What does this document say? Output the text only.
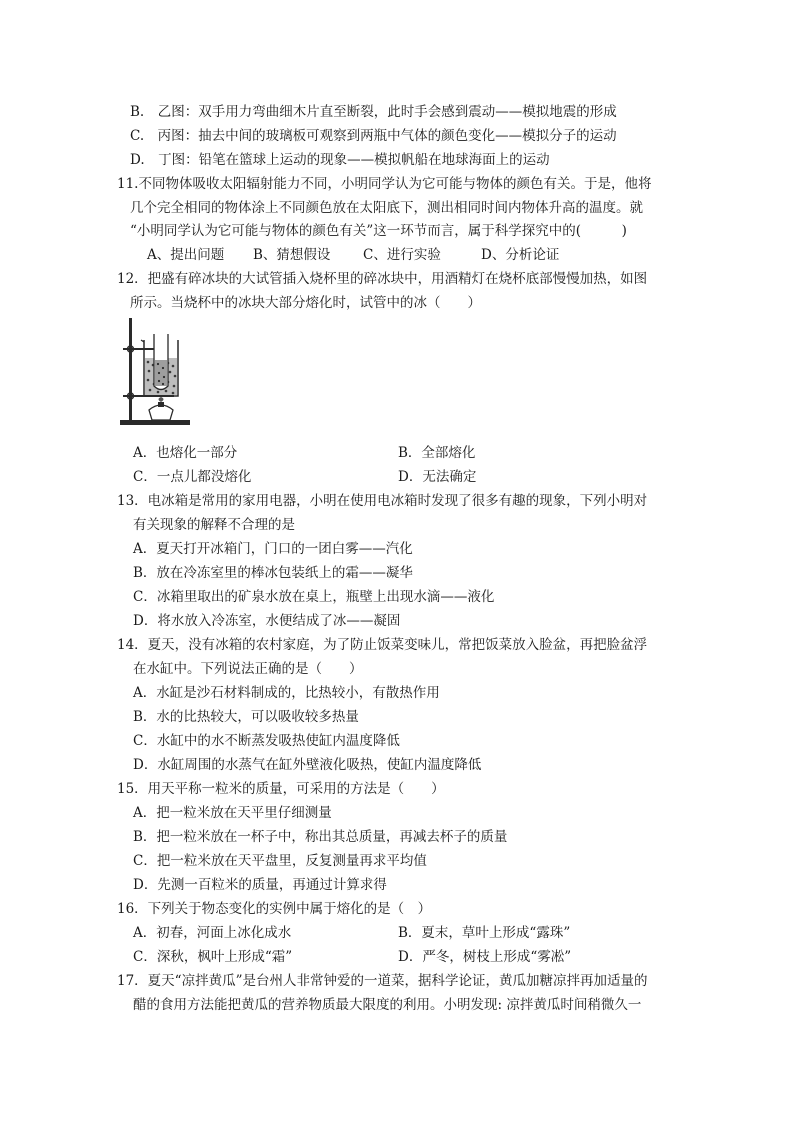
B.　乙图：双手用力弯曲细木片直至断裂，此时手会感到震动——模拟地震的形成
C.　丙图：抽去中间的玻璃板可观察到两瓶中气体的颜色变化——模拟分子的运动
D.　丁图：铅笔在篮球上运动的现象——模拟帆船在地球海面上的运动
11.不同物体吸收太阳辐射能力不同，小明同学认为它可能与物体的颜色有关。于是，他将
几个完全相同的物体涂上不同颜色放在太阳底下，测出相同时间内物体升高的温度。就
“小明同学认为它可能与物体的颜色有关”这一环节而言，属于科学探究中的(　　　)
A、提出问题 B、猜想假设 C、进行实验	D、分析论证
12．把盛有碎冰块的大试管插入烧杯里的碎冰块中，用酒精灯在烧杯底部慢慢加热，如图
所示。当烧杯中的冰块大部分熔化时，试管中的冰（　　）
A．也熔化一部分	B．全部熔化
C．一点儿都没熔化	D．无法确定
13．电冰箱是常用的家用电器，小明在使用电冰箱时发现了很多有趣的现象，下列小明对
有关现象的解释不合理的是
A．夏天打开冰箱门，门口的一团白雾——汽化
B．放在冷冻室里的棒冰包装纸上的霜——凝华
C．冰箱里取出的矿泉水放在桌上，瓶壁上出现水滴——液化
D．将水放入冷冻室，水便结成了冰——凝固
14．夏天，没有冰箱的农村家庭，为了防止饭菜变味儿，常把饭菜放入脸盆，再把脸盆浮
在水缸中。下列说法正确的是（　　）
A．水缸是沙石材料制成的，比热较小，有散热作用
B．水的比热较大，可以吸收较多热量
C．水缸中的水不断蒸发吸热使缸内温度降低
D．水缸周围的水蒸气在缸外壁液化吸热，使缸内温度降低
15．用天平称一粒米的质量，可采用的方法是（　　）
A．把一粒米放在天平里仔细测量
B．把一粒米放在一杯子中，称出其总质量，再减去杯子的质量
C．把一粒米放在天平盘里，反复测量再求平均值
D．先测一百粒米的质量，再通过计算求得
16．下列关于物态变化的实例中属于熔化的是（　）
A．初春，河面上冰化成水	B．夏末，草叶上形成“露珠”
C．深秋，枫叶上形成“霜”	D．严冬，树枝上形成“雾凇”
17．夏天“凉拌黄瓜”是台州人非常钟爱的一道菜，据科学论证，黄瓜加糖凉拌再加适量的
醋的食用方法能把黄瓜的营养物质最大限度的利用。小明发现: 凉拌黄瓜时间稍微久一
